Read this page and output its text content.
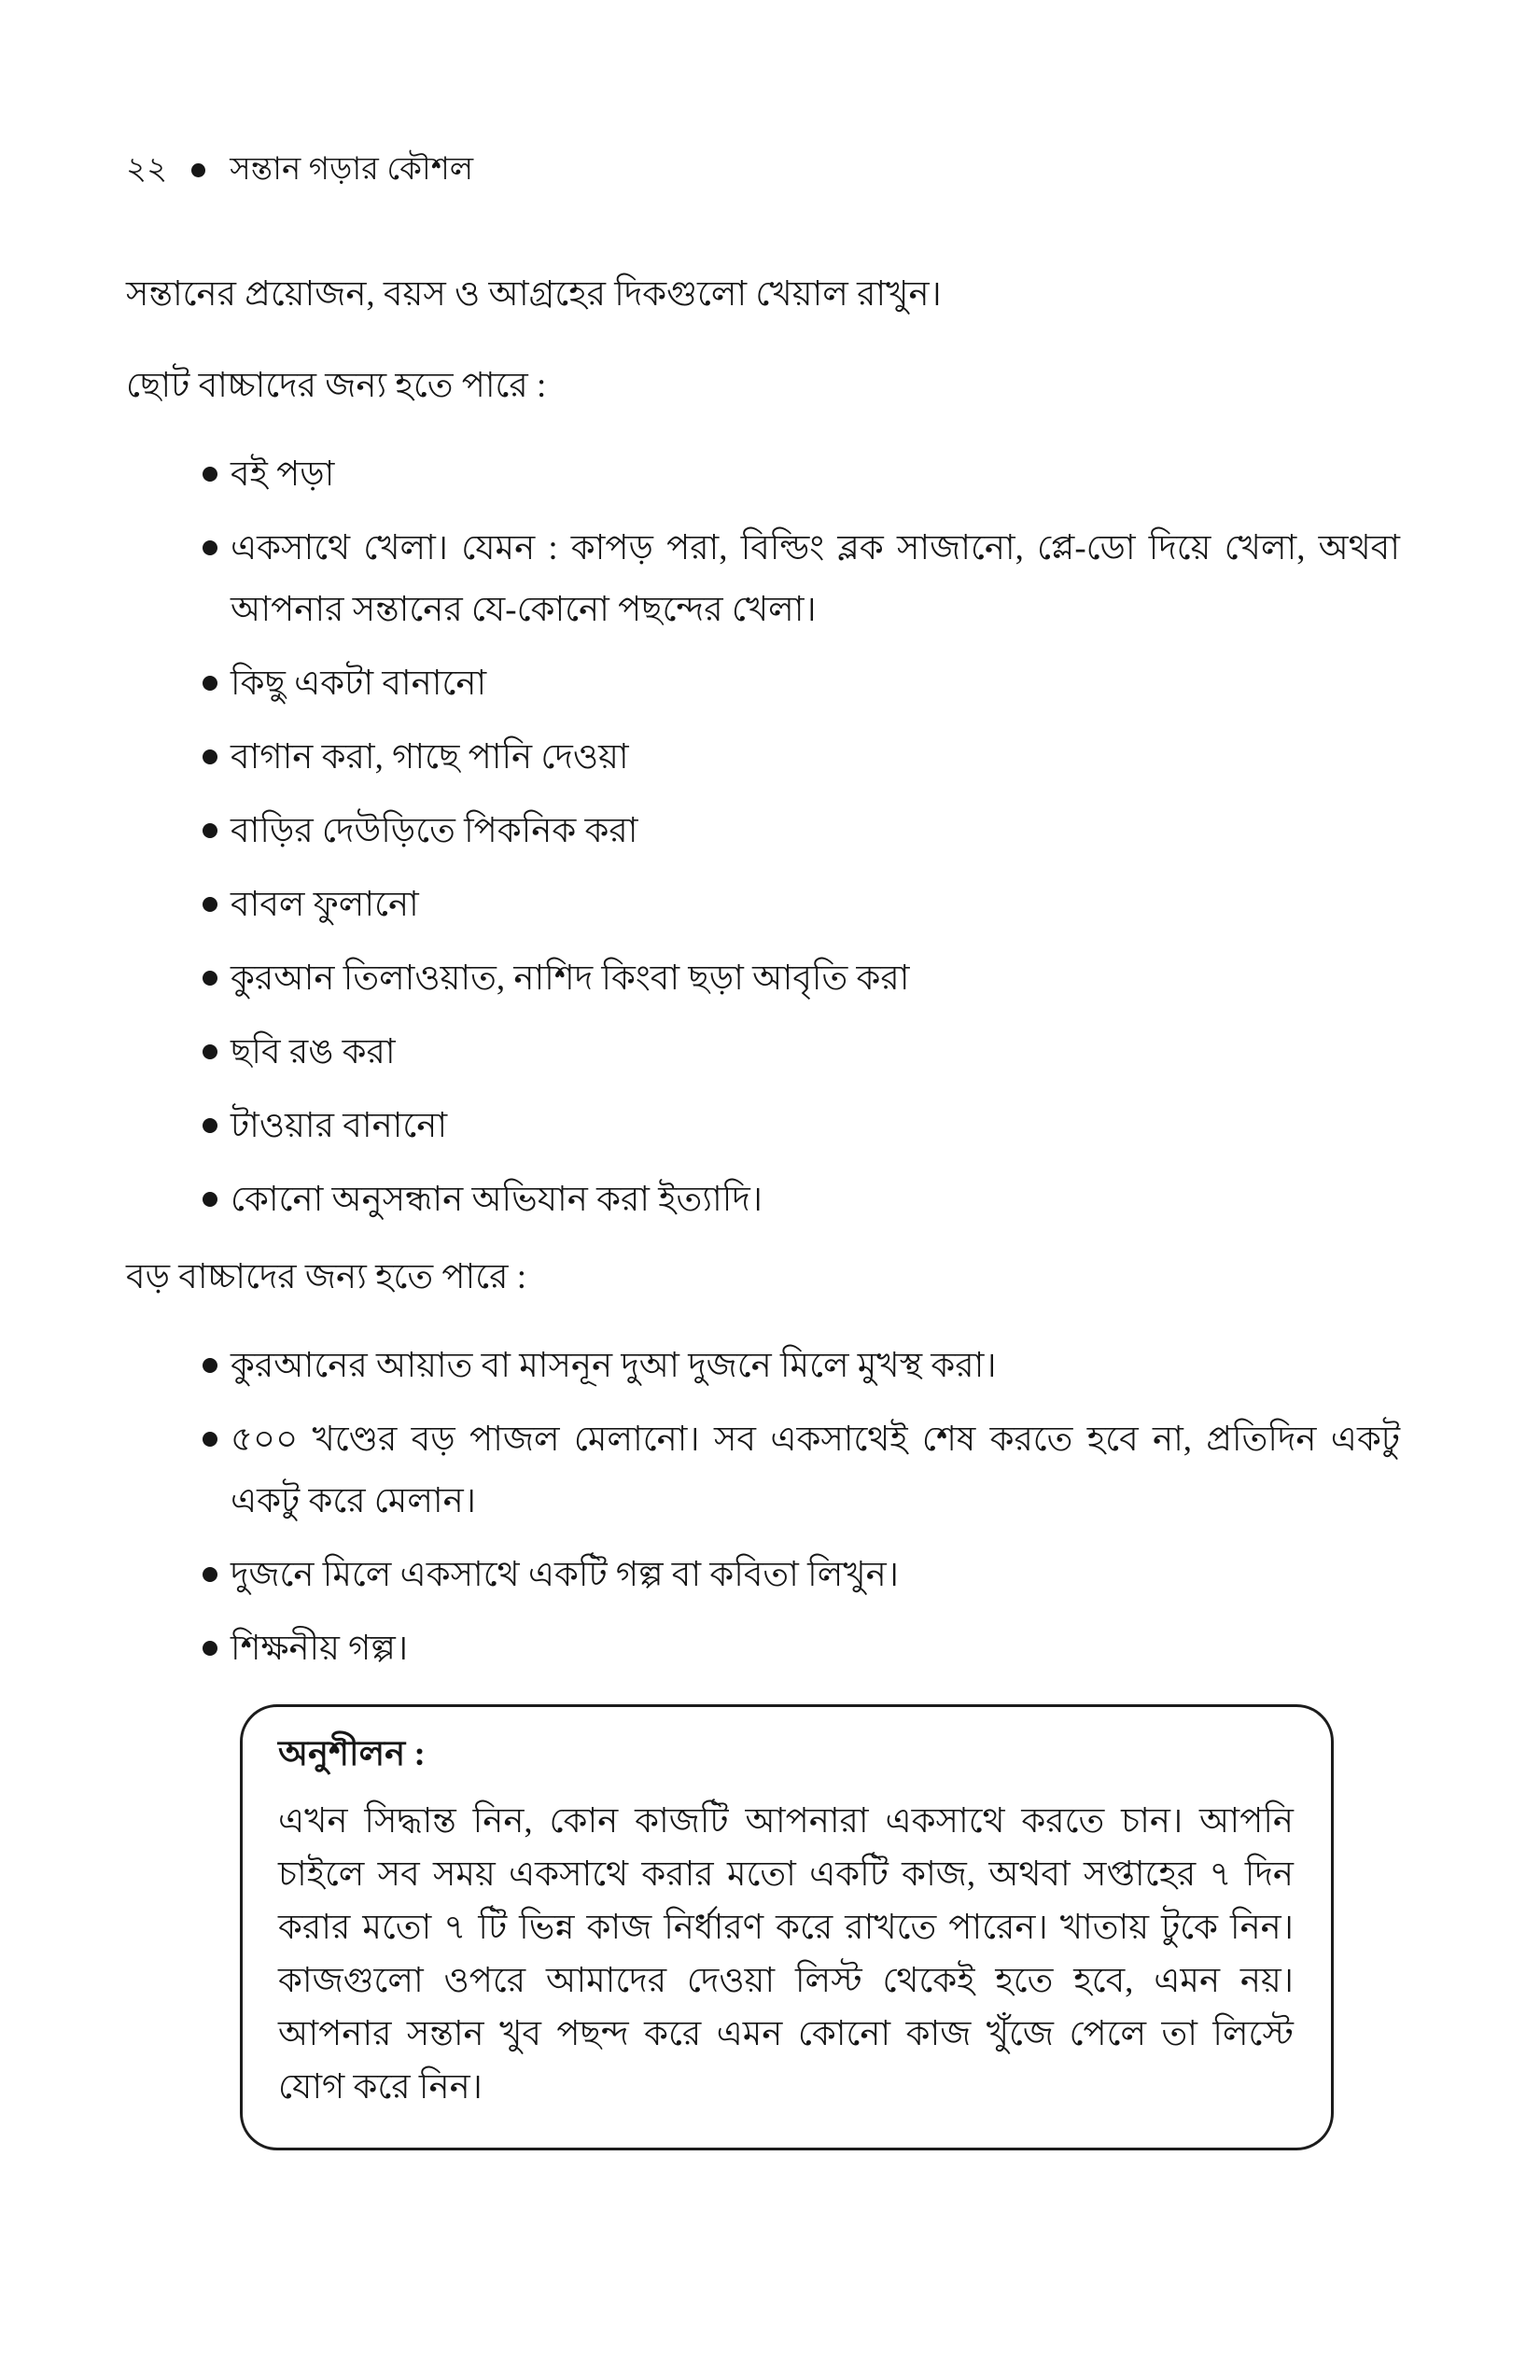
২২ সন্তান গড়ার কৌশল

সন্তানের প্রয়োজন, বয়স ও আগ্রহের দিকগুলো খেয়াল রাখুন।

ছোট বাচ্চাদের জন্য হতে পারে :

বই পড়া
একসাথে খেলা। যেমন : কাপড় পরা, বিল্ডিং ব্লক সাজানো, প্লে-ডো দিয়ে খেলা, অথবা আপনার সন্তানের যে-কোনো পছন্দের খেলা।
কিছু একটা বানানো
বাগান করা, গাছে পানি দেওয়া
বাড়ির দেউড়িতে পিকনিক করা
বাবল ফুলানো
কুরআন তিলাওয়াত, নাশিদ কিংবা ছড়া আবৃতি করা
ছবি রঙ করা
টাওয়ার বানানো
কোনো অনুসন্ধান অভিযান করা ইত্যাদি।

বড় বাচ্চাদের জন্য হতে পারে :

কুরআনের আয়াত বা মাসনূন দুআ দুজনে মিলে মুখস্থ করা।
৫০০ খণ্ডের বড় পাজল মেলানো। সব একসাথেই শেষ করতে হবে না, প্রতিদিন একটু একটু করে মেলান।
দুজনে মিলে একসাথে একটি গল্প বা কবিতা লিখুন।
শিক্ষনীয় গল্প।
অনুশীলন :

এখন সিদ্ধান্ত নিন, কোন কাজটি আপনারা একসাথে করতে চান। আপনি চাইলে সব সময় একসাথে করার মতো একটি কাজ, অথবা সপ্তাহের ৭ দিন করার মতো ৭ টি ভিন্ন কাজ নির্ধারণ করে রাখতে পারেন। খাতায় টুকে নিন। কাজগুলো ওপরে আমাদের দেওয়া লিস্ট থেকেই হতে হবে, এমন নয়। আপনার সন্তান খুব পছন্দ করে এমন কোনো কাজ খুঁজে পেলে তা লিস্টে যোগ করে নিন।
